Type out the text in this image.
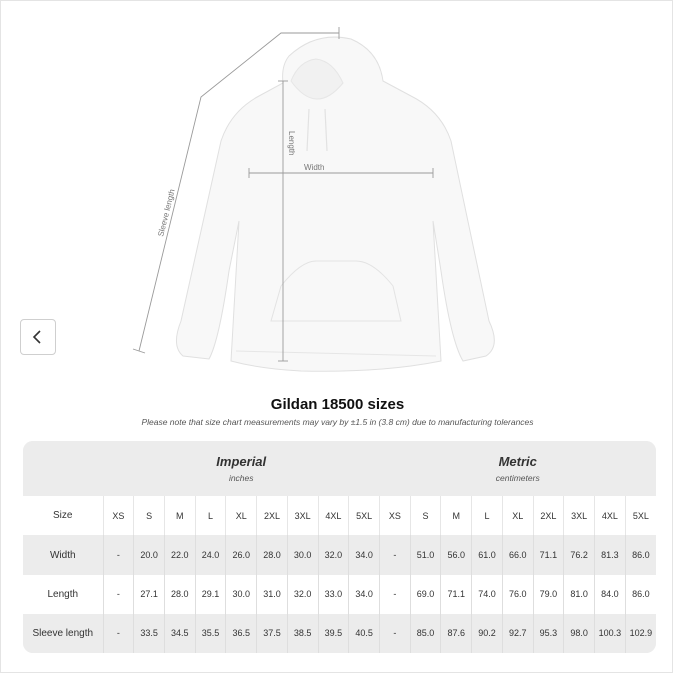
Length
Width
Sleeve length
Gildan 18500 sizes
Please note that size chart measurements may vary by ±1.5 in (3.8 cm) due to manufacturing tolerances

	Imperial
inches									Metric
centimeters								

Size	XS	S	M	L	XL	2XL	3XL	4XL	5XL	XS	S	M	L	XL	2XL	3XL	4XL	5XL
Width	-	20.0	22.0	24.0	26.0	28.0	30.0	32.0	34.0	-	51.0	56.0	61.0	66.0	71.1	76.2	81.3	86.0
Length	-	27.1	28.0	29.1	30.0	31.0	32.0	33.0	34.0	-	69.0	71.1	74.0	76.0	79.0	81.0	84.0	86.0
Sleeve length	-	33.5	34.5	35.5	36.5	37.5	38.5	39.5	40.5	-	85.0	87.6	90.2	92.7	95.3	98.0	100.3	102.9
